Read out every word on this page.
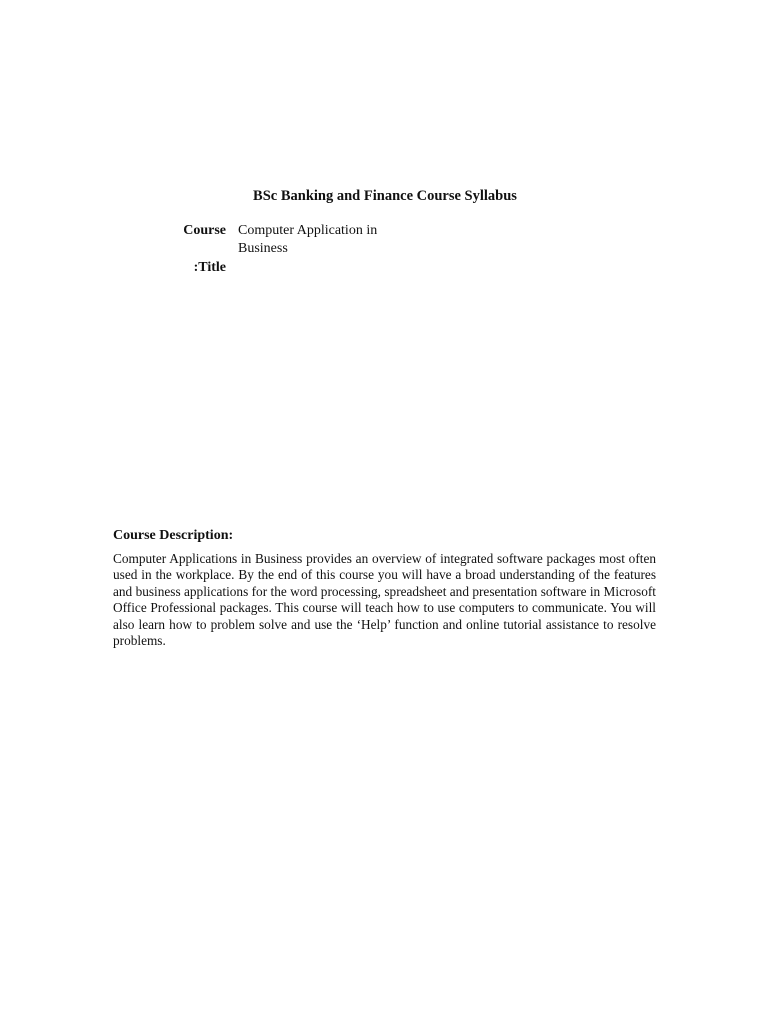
BSc Banking and Finance Course Syllabus
Course
:Title
Computer Application in Business
Course Description:

Computer Applications in Business provides an overview of integrated software packages most often used in the workplace. By the end of this course you will have a broad understanding of the features and business applications for the word processing, spreadsheet and presentation software in Microsoft Office Professional packages. This course will teach how to use computers to communicate. You will also learn how to problem solve and use the ‘Help’ function and online tutorial assistance to resolve problems.
